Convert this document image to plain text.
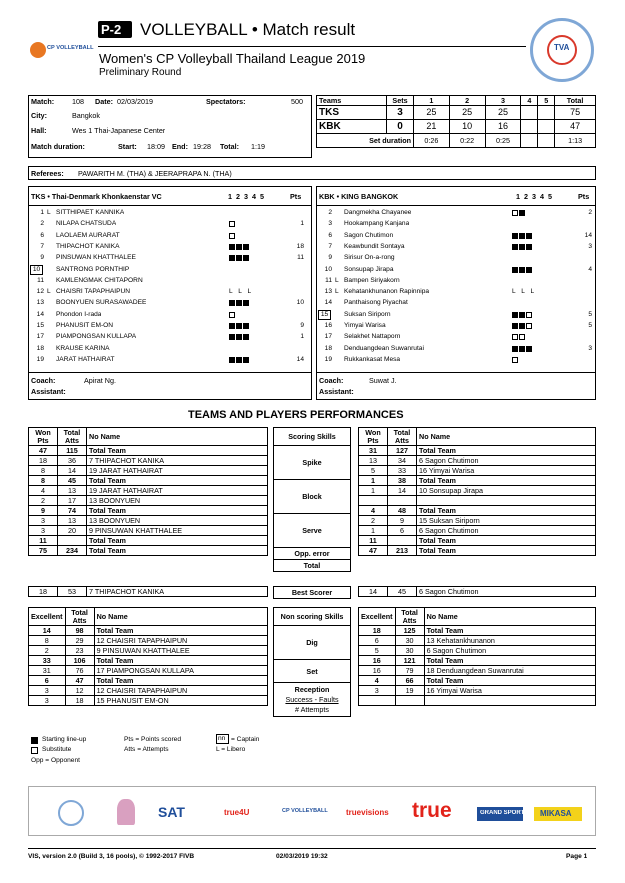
CP VOLLEYBALL
P-2 VOLLEYBALL • Match result
Women's CP Volleyball Thailand League 2019
Preliminary Round
TVA
Match: 108 Date: 02/03/2019	Spectators:	500
City:	Bangkok
Hall:	Wes 1 Thai-Japanese Center
Match duration:	Start: 18:09 End: 19:28 Total: 1:19
Teams	Sets	1	2	3	4	5	Total
TKS	3	25	25	25			75
KBK	0	21	10	16			47
Set duration		0:26	0:22	0:25			1:13
Referees: PAWARITH M. (THA) & JEERAPRAPA N. (THA)
TKS • Thai-Denmark Khonkaenstar VC	1 2 3 4 5	Pts
1 L SITTHIPAET KANNIKA
2 NILAPA CHATSUDA	1
6 LAOLAEM AURARAT
7 THIPACHOT KANIKA	18
9 PINSUWAN KHATTHALEE	11
10	SANTRONG PORNTHIP
11 KAMLENGMAK CHITAPORN
12 L CHAISRI TAPAPHAIPUN	L L L
13 BOONYUEN SURASAWADEE	10
14 Phondon I-rada
15 PHANUSIT EM-ON	9
17 PIAMPONGSAN KULLAPA	1
18 KRAUSE KARINA
19 JARAT HATHAIRAT	14
Coach:	Apirat Ng.
Assistant:
KBK • KING BANGKOK	1 2 3 4 5	Pts
2 Dangmekha Chayanee	2
3 Hookampang Kanjana
6 Sagon Chutimon	14
7 Keawbundit Sontaya	3
9 Sirisur On-a-rong
10 Sonsupap Jirapa	4
11 L Bampen Siriyakorn
13 L Kehatankhunanon Rapinnipa	L L L
14 Panthaisong Piyachat
15	Suksan Siriporn	5
16 Yimyai Warisa	5
17 Selakhet Nattaporn
18 Denduangdean Suwanrutai	3
19 Rukkankasat Mesa
Coach:	Suwat J.
Assistant:
TEAMS AND PLAYERS PERFORMANCES
Won Pts	Total Atts	No Name
47	115	Total Team
18	36	7 THIPACHOT KANIKA
8	14	19 JARAT HATHAIRAT
8	45	Total Team
4	13	19 JARAT HATHAIRAT
2	17	13 BOONYUEN
9	74	Total Team
3	13	13 BOONYUEN
3	20	9 PINSUWAN KHATTHALEE
11		Total Team
75	234	Total Team
Won Pts	Total Atts	No Name
31	127	Total Team
13	34	6 Sagon Chutimon
5	33	16 Yimyai Warisa
1	38	Total Team
1	14	10 Sonsupap Jirapa

4	48	Total Team
2	9	15 Suksan Siriporn
1	6	6 Sagon Chutimon
11		Total Team
47	213	Total Team
Scoring Skills
Spike
Block
Serve
Opp. error
Total
18	53	7 THIPACHOT KANIKA	14	45	6 Sagon Chutimon
Best Scorer
Excellent	Total Atts	No Name
14	98	Total Team
8	29	12 CHAISRI TAPAPHAIPUN
2	23	9 PINSUWAN KHATTHALEE
33	106	Total Team
31	76	17 PIAMPONGSAN KULLAPA
6	47	Total Team
3	12	12 CHAISRI TAPAPHAIPUN
3	18	15 PHANUSIT EM-ON
Excellent	Total Atts	No Name
18	125	Total Team
6	30	13 Kehatankhunanon
5	30	6 Sagon Chutimon
16	121	Total Team
16	79	18 Denduangdean Suwanrutai
4	66	Total Team
3	19	16 Yimyai Warisa

Non scoring Skills
Dig
Set

Reception
Success - Faults
# Attempts
Starting line-up
Substitute
Opp = Opponent
Pts = Points scored
Atts = Attempts
nn = Captain
L = Libero
SAT	true4U	CP VOLLEYBALL truevisions true	GRAND SPORT MIKASA
VIS, version 2.0 (Build 3, 16 pools), © 1992-2017 FIVB	02/03/2019 19:32	Page 1
